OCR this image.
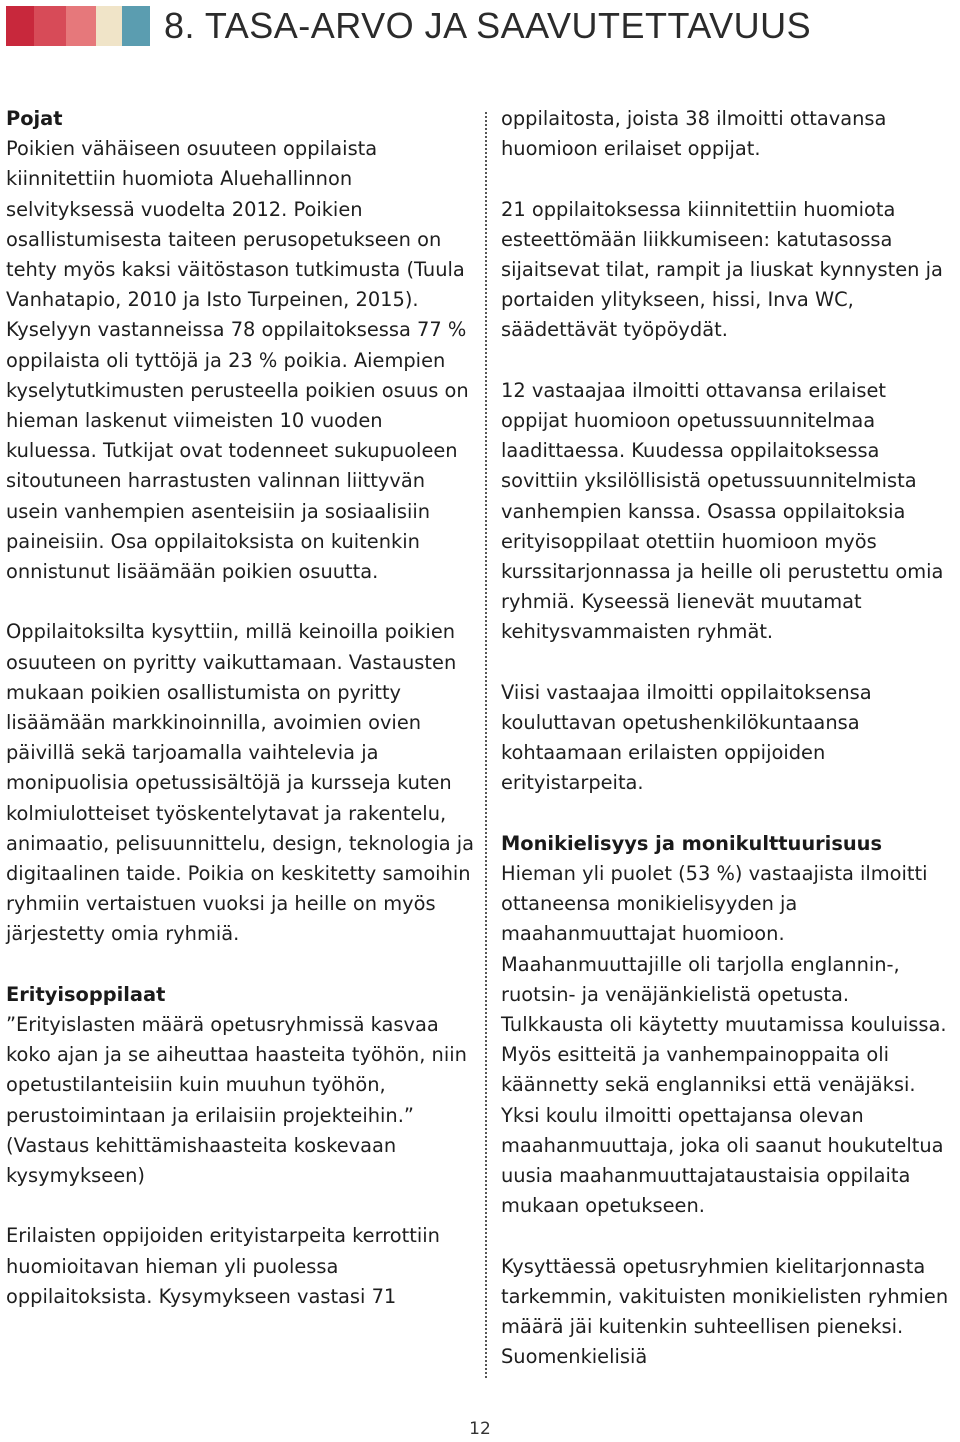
8. TASA-ARVO JA SAAVUTETTAVUUS
Pojat

Poikien vähäiseen osuuteen oppilaista kiinnitettiin huomiota Aluehallinnon selvityksessä vuodelta 2012. Poikien osallistumisesta taiteen perusopetukseen on tehty myös kaksi väitöstason tutkimusta (Tuula Vanhatapio, 2010 ja Isto Turpeinen, 2015). Kyselyyn vastanneissa 78 oppilaitoksessa 77 % oppilaista oli tyttöjä ja 23 % poikia. Aiempien kyselytutkimusten perusteella poikien osuus on hieman laskenut viimeisten 10 vuoden kuluessa. Tutkijat ovat todenneet sukupuoleen sitoutuneen harrastusten valinnan liittyvän usein vanhempien asenteisiin ja sosiaalisiin paineisiin. Osa oppilaitoksista on kuitenkin onnistunut lisäämään poikien osuutta.

Oppilaitoksilta kysyttiin, millä keinoilla poikien osuuteen on pyritty vaikuttamaan. Vastausten mukaan poikien osallistumista on pyritty lisäämään markkinoinnilla, avoimien ovien päivillä sekä tarjoamalla vaihtelevia ja monipuolisia opetussisältöjä ja kursseja kuten kolmiulotteiset työskentelytavat ja rakentelu, animaatio, pelisuunnittelu, design, teknologia ja digitaalinen taide. Poikia on keskitetty samoihin ryhmiin vertaistuen vuoksi ja heille on myös järjestetty omia ryhmiä.

Erityisoppilaat

”Erityislasten määrä opetusryhmissä kasvaa koko ajan ja se aiheuttaa haasteita työhön, niin opetustilanteisiin kuin muuhun työhön, perustoimintaan ja erilaisiin projekteihin.” (Vastaus kehittämishaasteita koskevaan kysymykseen)

Erilaisten oppijoiden erityistarpeita kerrottiin huomioitavan hieman yli puolessa oppilaitoksista. Kysymykseen vastasi 71

oppilaitosta, joista 38 ilmoitti ottavansa huomioon erilaiset oppijat.

21 oppilaitoksessa kiinnitettiin huomiota esteettömään liikkumiseen: katutasossa sijaitsevat tilat, rampit ja liuskat kynnysten ja portaiden ylitykseen, hissi, Inva WC, säädettävät työpöydät.

12 vastaajaa ilmoitti ottavansa erilaiset oppijat huomioon opetussuunnitelmaa laadittaessa. Kuudessa oppilaitoksessa sovittiin yksilöllisistä opetussuunnitelmista vanhempien kanssa. Osassa oppilaitoksia erityisoppilaat otettiin huomioon myös kurssitarjonnassa ja heille oli perustettu omia ryhmiä. Kyseessä lienevät muutamat kehitysvammaisten ryhmät.

Viisi vastaajaa ilmoitti oppilaitoksensa kouluttavan opetushenkilökuntaansa kohtaamaan erilaisten oppijoiden erityistarpeita.

Monikielisyys ja monikulttuurisuus

Hieman yli puolet (53 %) vastaajista ilmoitti ottaneensa monikielisyyden ja maahanmuuttajat huomioon. Maahanmuuttajille oli tarjolla englannin-, ruotsin- ja venäjänkielistä opetusta. Tulkkausta oli käytetty muutamissa kouluissa. Myös esitteitä ja vanhempainoppaita oli käännetty sekä englanniksi että venäjäksi. Yksi koulu ilmoitti opettajansa olevan maahanmuuttaja, joka oli saanut houkuteltua uusia maahanmuuttajataustaisia oppilaita mukaan opetukseen.

Kysyttäessä opetusryhmien kielitarjonnasta tarkemmin, vakituisten monikielisten ryhmien määrä jäi kuitenkin suhteellisen pieneksi. Suomenkielisiä

12
